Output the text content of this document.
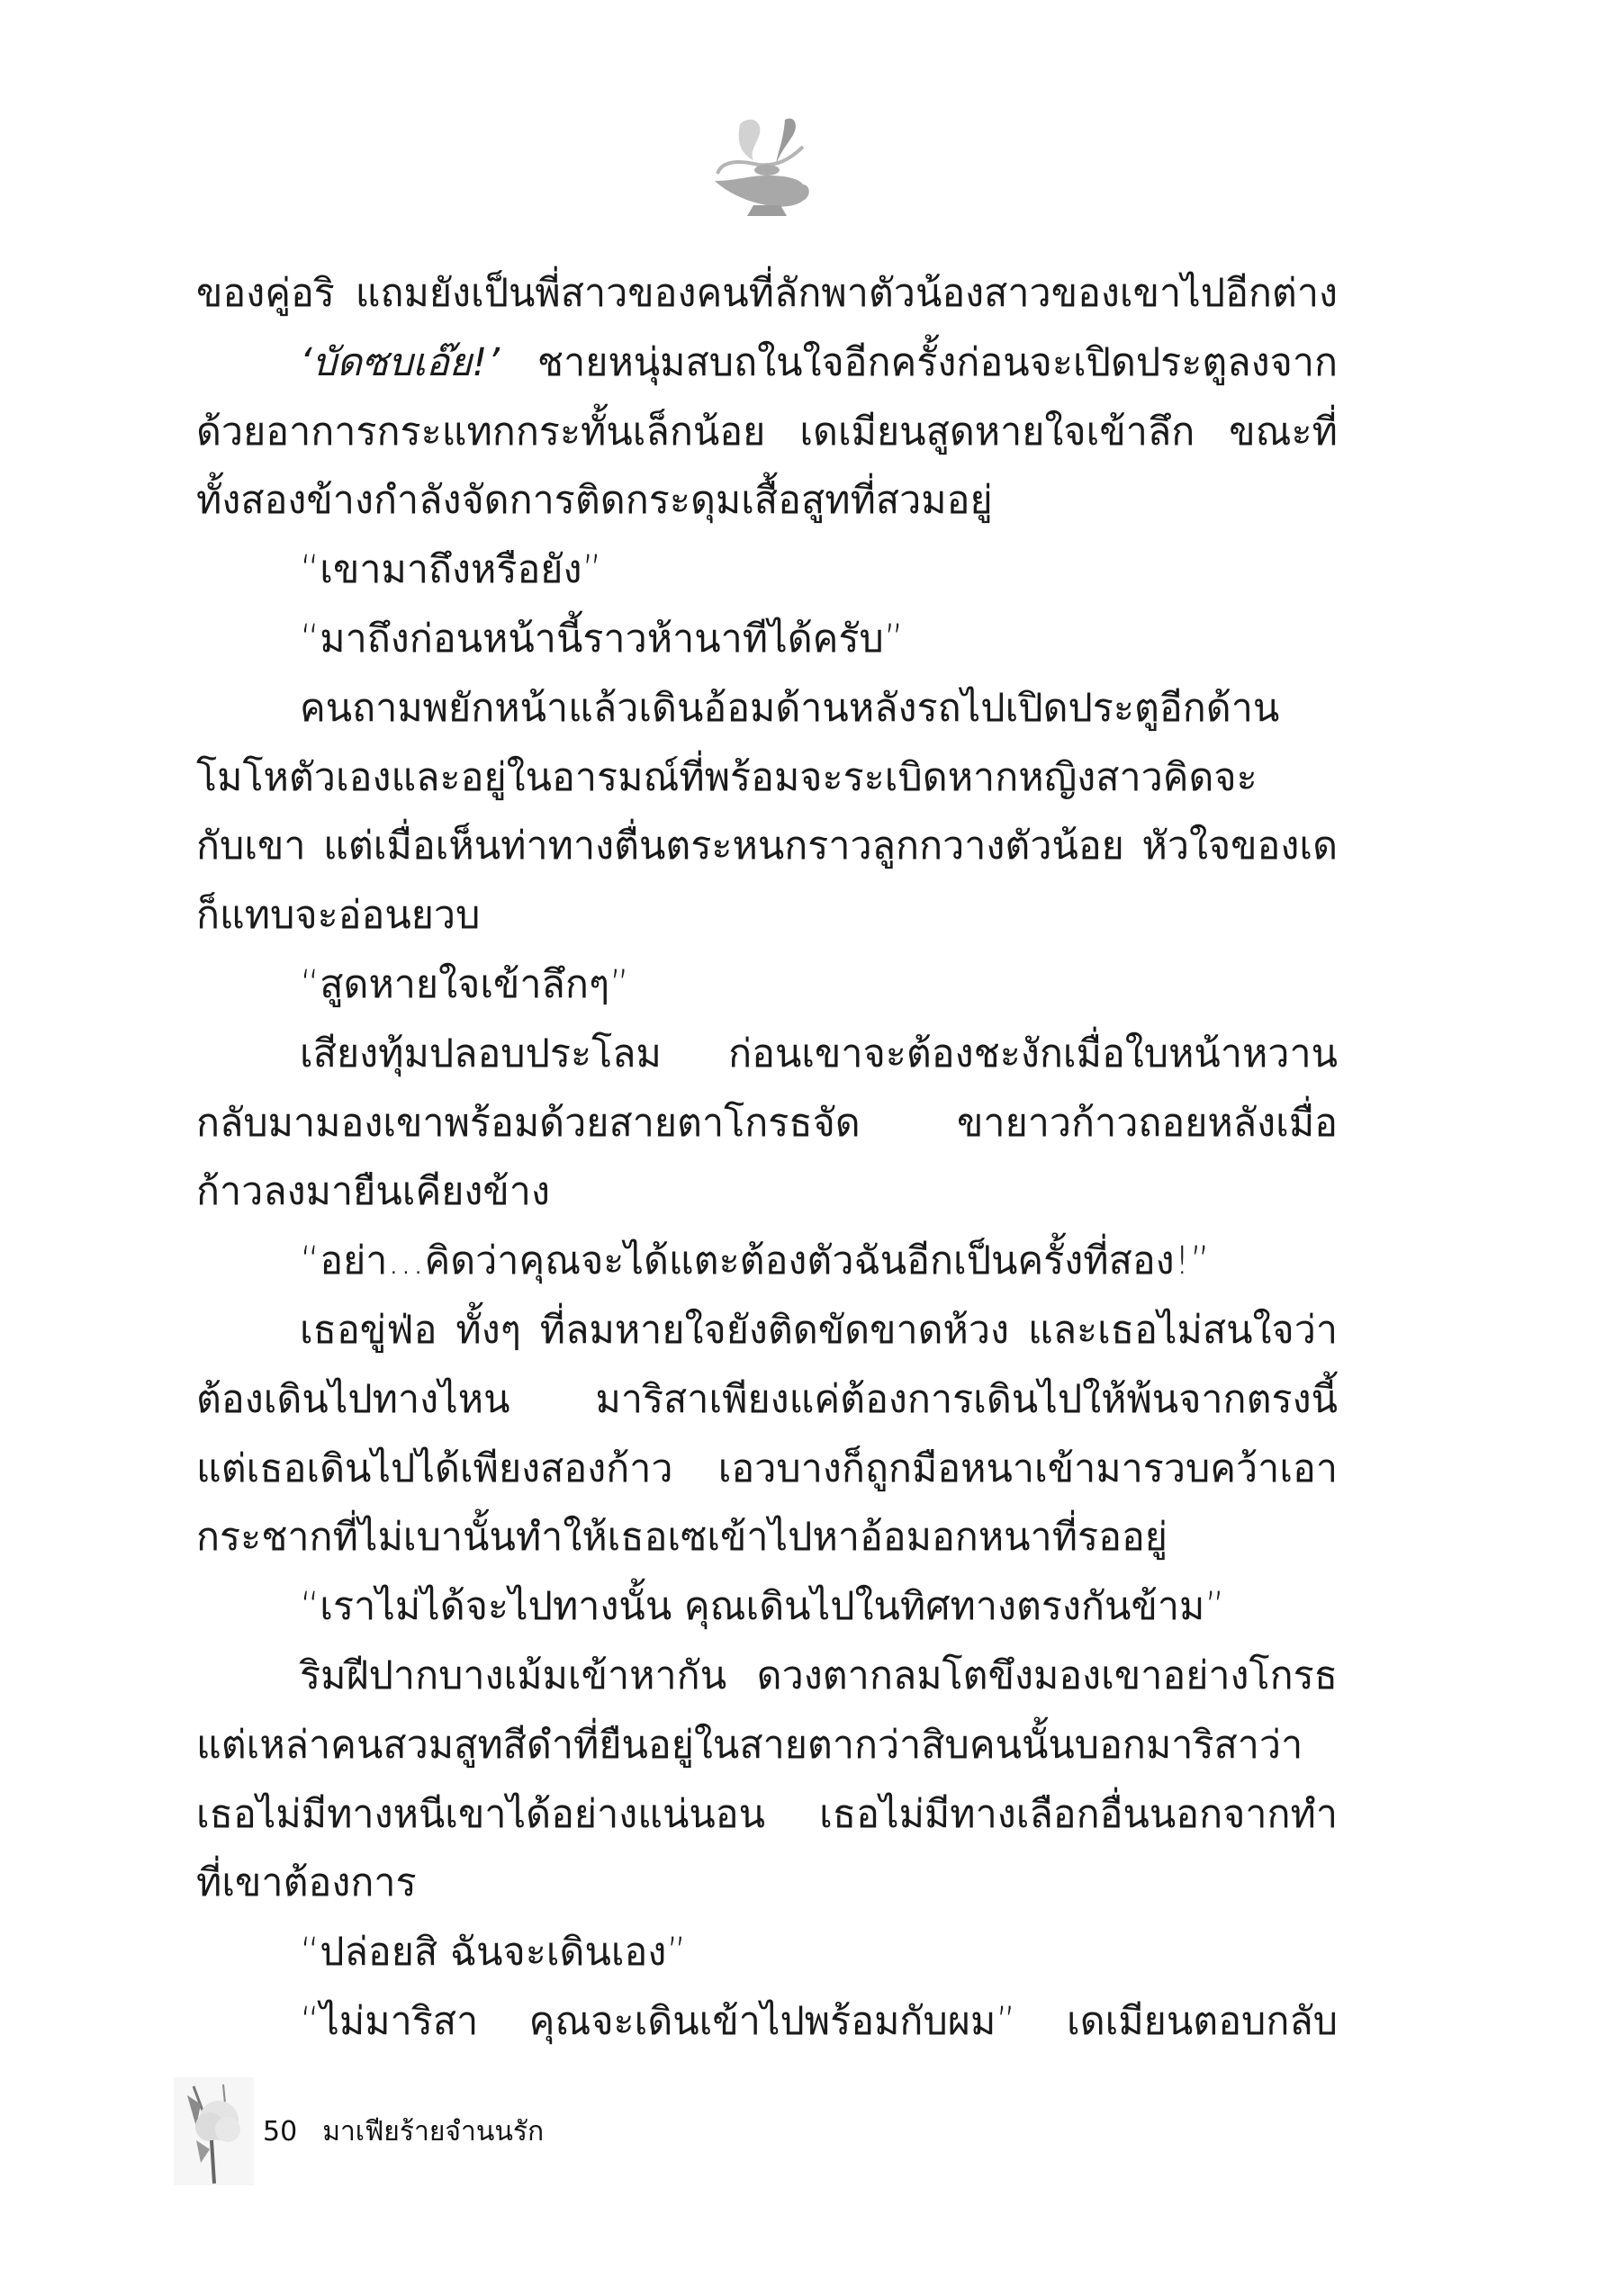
ของคู่อริ แถมยังเป็นพี่สาวของคนที่ลักพาตัวน้องสาวของเขาไปอีกต่าง
‘บัดซบเอ๊ย!’ ชายหนุ่มสบถในใจอีกครั้งก่อนจะเปิดประตูลงจาก
ด้วยอาการกระแทกกระทั้นเล็กน้อย เดเมียนสูดหายใจเข้าลึก ขณะที่
ทั้งสองข้างกำลังจัดการติดกระดุมเสื้อสูทที่สวมอยู่
“เขามาถึงหรือยัง”
“มาถึงก่อนหน้านี้ราวห้านาทีได้ครับ”
คนถามพยักหน้าแล้วเดินอ้อมด้านหลังรถไปเปิดประตูอีกด้าน
โมโหตัวเองและอยู่ในอารมณ์ที่พร้อมจะระเบิดหากหญิงสาวคิดจะ
กับเขา แต่เมื่อเห็นท่าทางตื่นตระหนกราวลูกกวางตัวน้อย หัวใจของเด
ก็แทบจะอ่อนยวบ
“สูดหายใจเข้าลึกๆ”
เสียงทุ้มปลอบประโลม ก่อนเขาจะต้องชะงักเมื่อใบหน้าหวาน
กลับมามองเขาพร้อมด้วยสายตาโกรธจัด ขายาวก้าวถอยหลังเมื่อ
ก้าวลงมายืนเคียงข้าง
“อย่า...คิดว่าคุณจะได้แตะต้องตัวฉันอีกเป็นครั้งที่สอง!”
เธอขู่ฟ่อ ทั้งๆ ที่ลมหายใจยังติดขัดขาดห้วง และเธอไม่สนใจว่า
ต้องเดินไปทางไหน มาริสาเพียงแค่ต้องการเดินไปให้พ้นจากตรงนี้
แต่เธอเดินไปได้เพียงสองก้าว เอวบางก็ถูกมือหนาเข้ามารวบคว้าเอา
กระชากที่ไม่เบานั้นทำให้เธอเซเข้าไปหาอ้อมอกหนาที่รออยู่
“เราไม่ได้จะไปทางนั้น คุณเดินไปในทิศทางตรงกันข้าม”
ริมฝีปากบางเม้มเข้าหากัน ดวงตากลมโตขึงมองเขาอย่างโกรธ
แต่เหล่าคนสวมสูทสีดำที่ยืนอยู่ในสายตากว่าสิบคนนั้นบอกมาริสาว่า
เธอไม่มีทางหนีเขาได้อย่างแน่นอน เธอไม่มีทางเลือกอื่นนอกจากทำ
ที่เขาต้องการ
“ปล่อยสิ ฉันจะเดินเอง”
“ไม่มาริสา คุณจะเดินเข้าไปพร้อมกับผม” เดเมียนตอบกลับ
50 มาเฟียร้ายจำนนรัก
